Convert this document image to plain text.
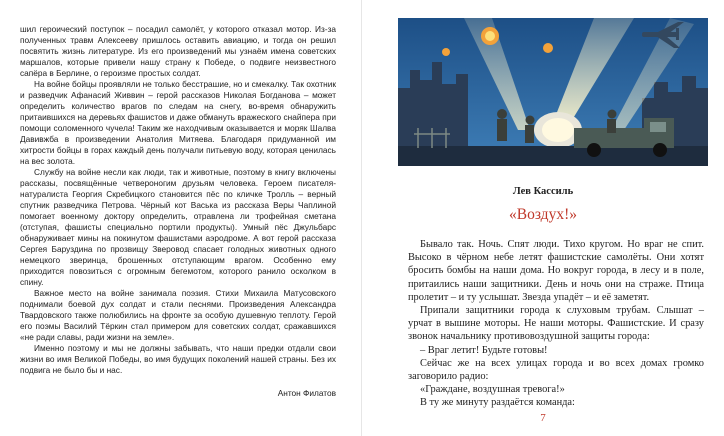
шил героический поступок – посадил самолёт, у которого отказал мотор. Из-за полученных травм Алексееву пришлось оставить авиацию, и тогда он решил посвятить жизнь литературе. Из его произведений мы узнаём имена советских маршалов, которые привели нашу страну к Победе, о подвиге неизвестного сапёра в Берлине, о героизме простых солдат.

На войне бойцы проявляли не только бесстрашие, но и смекалку. Так охотник и разведчик Афанасий Живвин – герой рассказов Николая Богданова – может определить количество врагов по следам на снегу, во-время обнаружить притаившихся на деревьях фашистов и даже обмануть вражеского снайпера при помощи соломенного чучела! Таким же находчивым оказывается и моряк Шалва Давивжба в произведении Анатолия Митяева. Благодаря придуманной им хитрости бойцы в горах каждый день получали питьевую воду, которая ценилась на вес золота.

Службу на войне несли как люди, так и животные, поэтому в книгу включены рассказы, посвящённые четвероногим друзьям человека. Героем писателя-натуралиста Георгия Скребицкого становится пёс по кличке Тролль – верный спутник разведчика Петрова. Чёрный кот Васька из рассказа Веры Чаплиной помогает военному доктору определить, отравлена ли трофейная сметана (отступая, фашисты специально портили продукты). Умный пёс Джульбарс обнаруживает мины на покинутом фашистами аэродроме. А вот герой рассказа Сергея Баруздина по прозвищу Зверовод спасает голодных животных одного немецкого зверинца, брошенных отступающим врагом. Особенно ему приходится повозиться с огромным бегемотом, которого ранило осколком в спину.

Важное место на войне занимала поэзия. Стихи Михаила Матусовского поднимали боевой дух солдат и стали песнями. Произведения Александра Твардовского также полюбились на фронте за особую душевную теплоту. Герой его поэмы Василий Тёркин стал примером для советских солдат, сражавшихся «не ради славы, ради жизни на земле».

Именно поэтому и мы не должны забывать, что наши предки отдали свои жизни во имя Великой Победы, во имя будущих поколений нашей страны. Без их подвига не было бы и нас.

Антон Филатов
Лев Кассиль
«Воздух!»

Бывало так. Ночь. Спят люди. Тихо кругом. Но враг не спит. Высоко в чёрном небе летят фашистские самолёты. Они хотят бросить бомбы на наши дома. Но вокруг города, в лесу и в поле, притаились наши защитники. День и ночь они на страже. Птица пролетит – и ту услышат. Звезда упадёт – и её заметят.

Припали защитники города к слуховым трубам. Слышат – урчат в вышине моторы. Не наши моторы. Фашистские. И сразу звонок начальнику противовоздушной защиты города:

– Враг летит! Будьте готовы!

Сейчас же на всех улицах города и во всех домах громко заговорило радио:

«Граждане, воздушная тревога!»

В ту же минуту раздаётся команда:

7
